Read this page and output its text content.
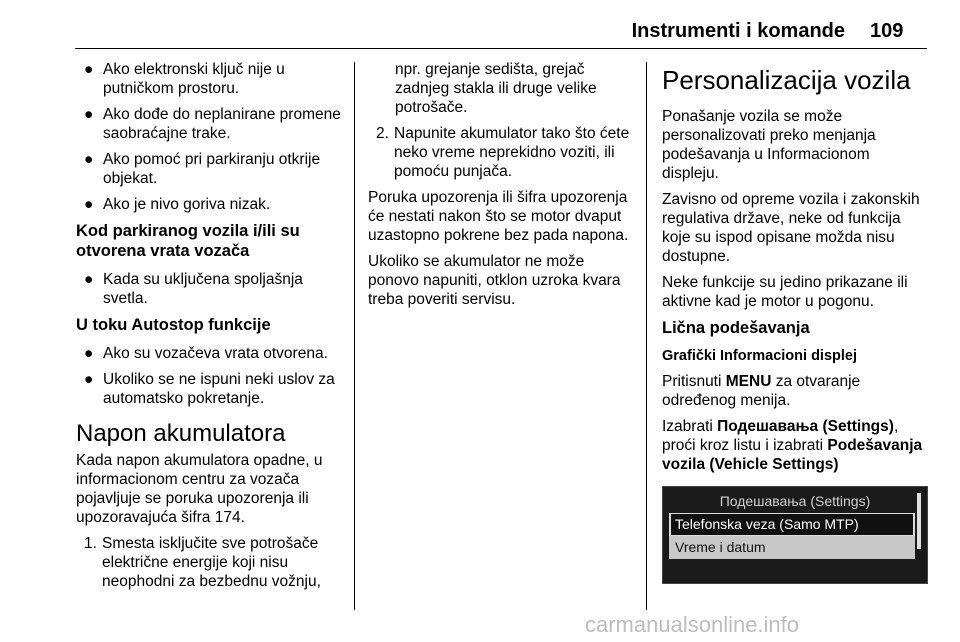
Instrumenti i komande 109
● Ako elektronski ključ nije u putničkom prostoru.
● Ako dođe do neplanirane promene saobraćajne trake.
● Ako pomoć pri parkiranju otkrije objekat.
● Ako je nivo goriva nizak.
Kod parkiranog vozila i/ili su otvorena vrata vozača
● Kada su uključena spoljašnja svetla.
U toku Autostop funkcije
● Ako su vozačeva vrata otvorena.
● Ukoliko se ne ispuni neki uslov za automatsko pokretanje.
Napon akumulatora
Kada napon akumulatora opadne, u informacionom centru za vozača pojavljuje se poruka upozorenja ili upozoravajuća šifra 174.
1. Smesta isključite sve potrošače električne energije koji nisu neophodni za bezbednu vožnju,
npr. grejanje sedišta, grejač zadnjeg stakla ili druge velike potrošače.
2. Napunite akumulator tako što ćete neko vreme neprekidno voziti, ili pomoću punjača.
Poruka upozorenja ili šifra upozorenja će nestati nakon što se motor dvaput uzastopno pokrene bez pada napona.
Ukoliko se akumulator ne može ponovo napuniti, otklon uzroka kvara treba poveriti servisu.
Personalizacija vozila
Ponašanje vozila se može personalizovati preko menjanja podešavanja u Informacionom displeju.
Zavisno od opreme vozila i zakonskih regulativa države, neke od funkcija koje su ispod opisane možda nisu dostupne.
Neke funkcije su jedino prikazane ili aktivne kad je motor u pogonu.
Lična podešavanja
Grafički Informacioni displej
Pritisnuti MENU za otvaranje određenog menija.
Izabrati Подешавања (Settings), proći kroz listu i izabrati Podešavanja vozila (Vehicle Settings)
Подешавања (Settings)
Telefonska veza (Samo MTP)
Vreme i datum
carmanualsonline.info
